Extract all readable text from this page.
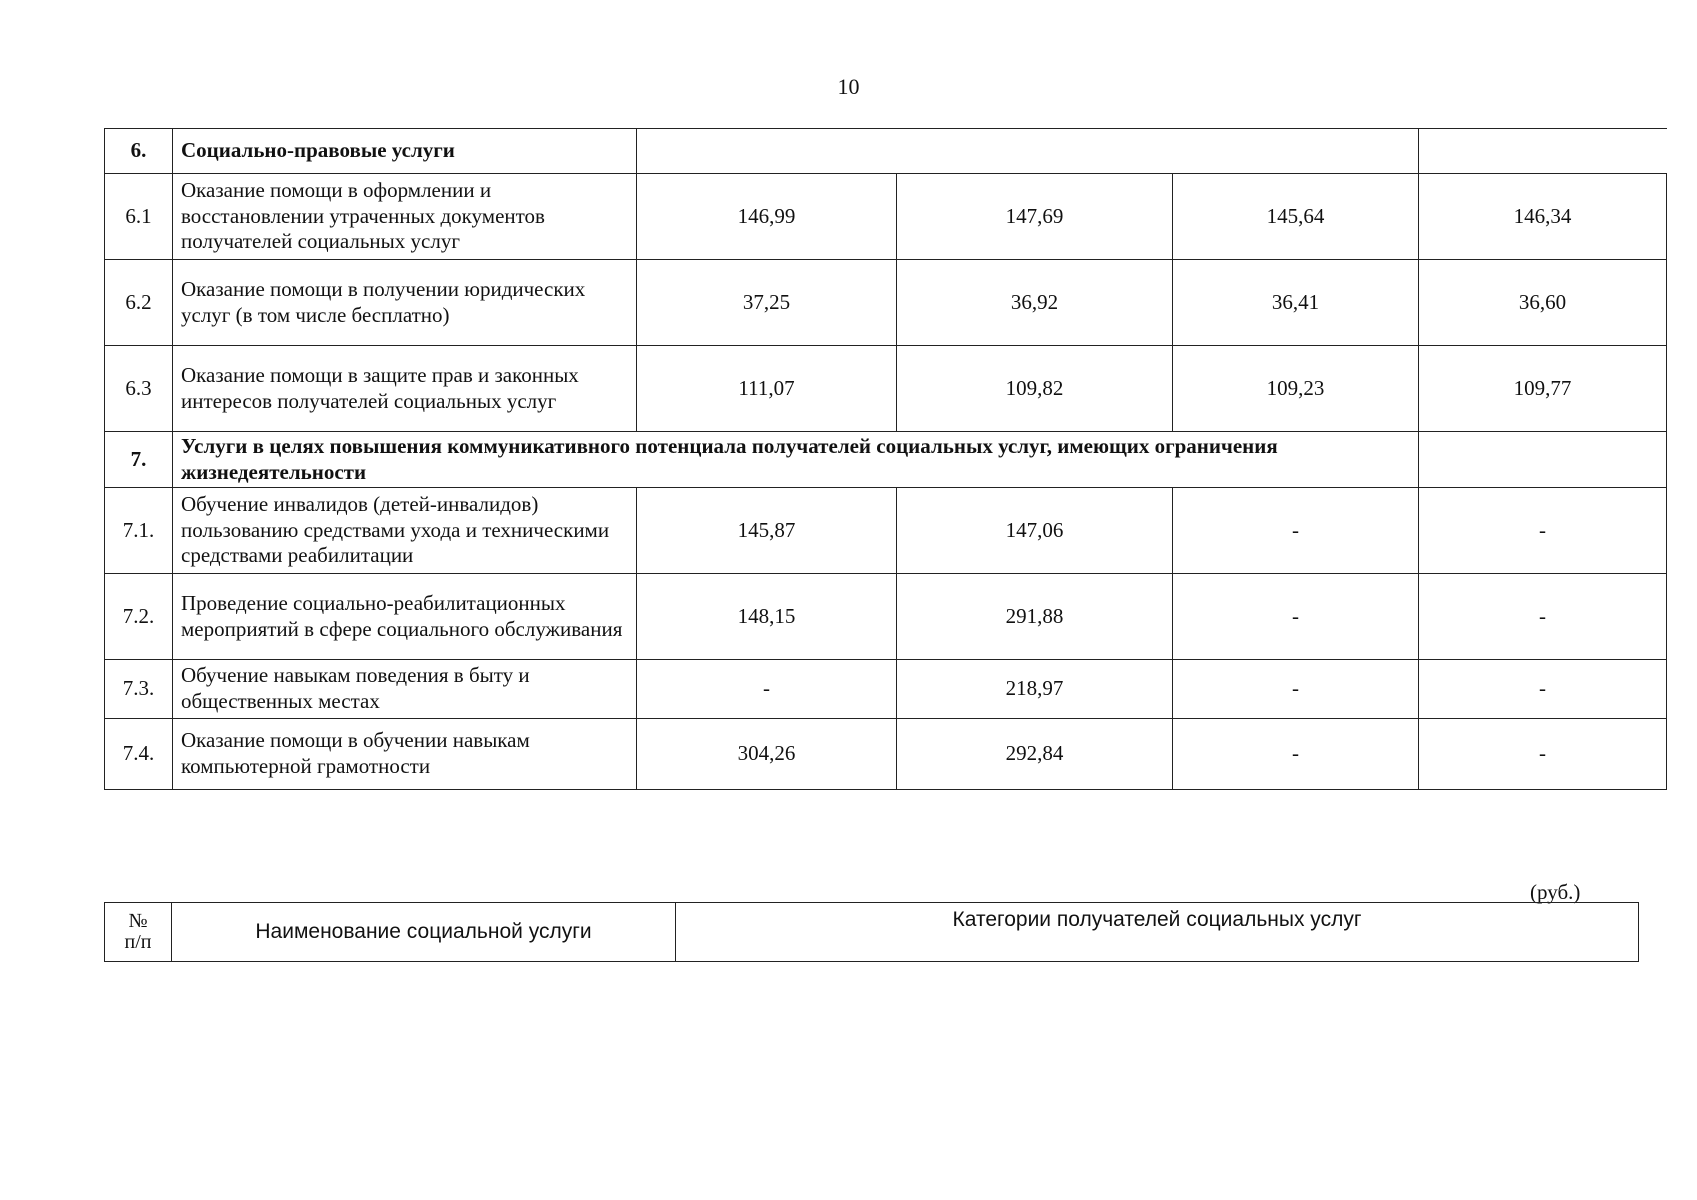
10
6.	Социально-правовые услуги				
6.1	Оказание помощи в оформлении и восстановлении утраченных документов получателей социальных услуг	146,99	147,69	145,64	146,34
6.2	Оказание помощи в получении юридических услуг (в том числе бесплатно)	37,25	36,92	36,41	36,60
6.3	Оказание помощи в защите прав и законных интересов получателей социальных услуг	111,07	109,82	109,23	109,77
7.	Услуги в целях повышения коммуникативного потенциала получателей социальных услуг, имеющих ограничения жизнедеятельности				
7.1.	Обучение инвалидов (детей-инвалидов) пользованию средствами ухода и техническими средствами реабилитации	145,87	147,06	-	-
7.2.	Проведение социально-реабилитационных мероприятий в сфере социального обслуживания	148,15	291,88	-	-
7.3.	Обучение навыкам поведения в быту и общественных местах	-	218,97	-	-
7.4.	Оказание помощи в обучении навыкам компьютерной грамотности	304,26	292,84	-	-
(руб.)
№
п/п	Наименование социальной услуги	Категории получателей социальных услуг
